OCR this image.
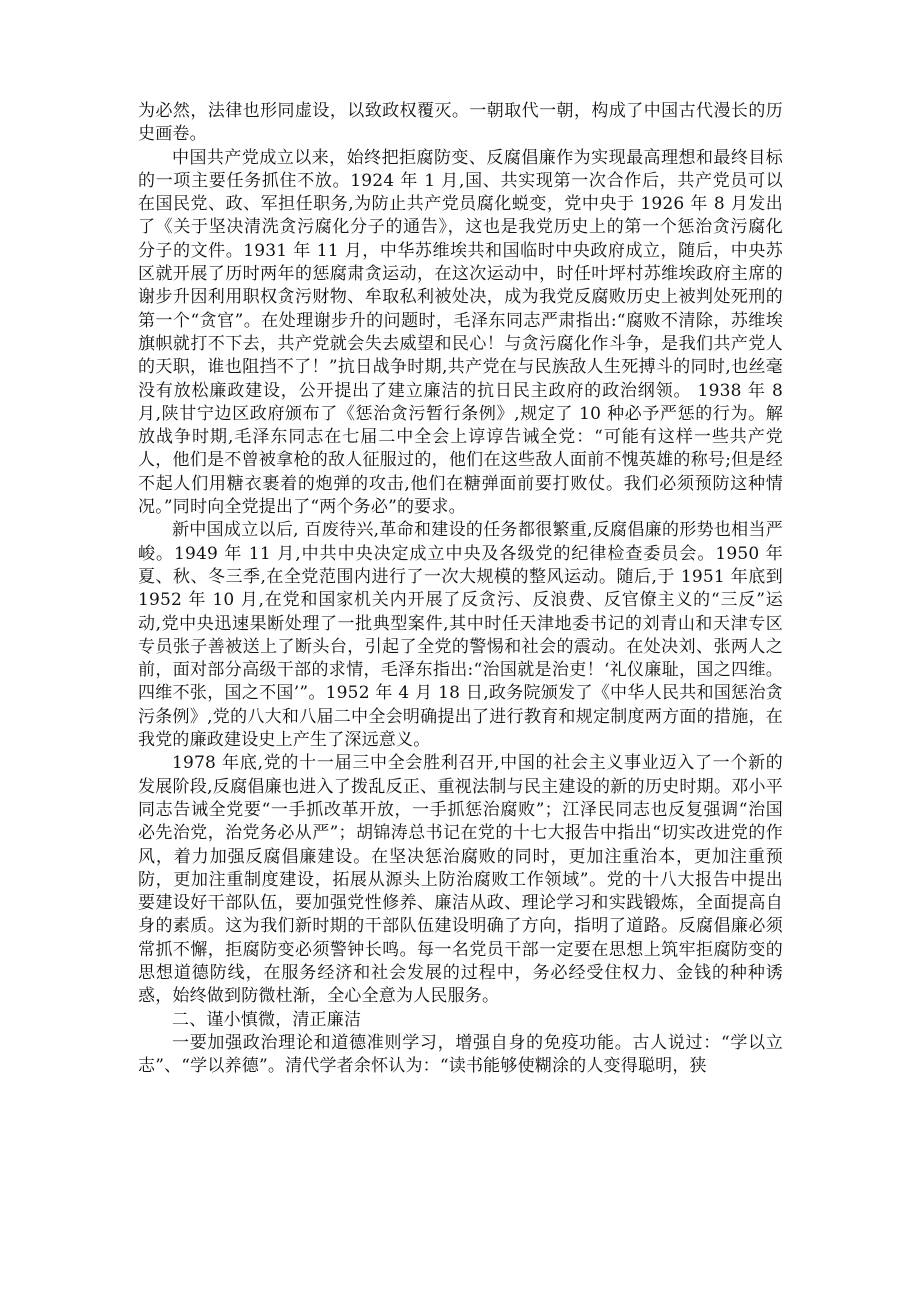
为必然，法律也形同虚设，以致政权覆灭。一朝取代一朝，构成了中国古代漫长的历史画卷。

中国共产党成立以来，始终把拒腐防变、反腐倡廉作为实现最高理想和最终目标的一项主要任务抓住不放。1924 年 1 月,国、共实现第一次合作后，共产党员可以在国民党、政、军担任职务,为防止共产党员腐化蜕变，党中央于 1926 年 8 月发出了《关于坚决清洗贪污腐化分子的通告》，这也是我党历史上的第一个惩治贪污腐化分子的文件。1931 年 11 月，中华苏维埃共和国临时中央政府成立，随后，中央苏区就开展了历时两年的惩腐肃贪运动，在这次运动中，时任叶坪村苏维埃政府主席的谢步升因利用职权贪污财物、牟取私利被处决，成为我党反腐败历史上被判处死刑的第一个“贪官”。在处理谢步升的问题时，毛泽东同志严肃指出:“腐败不清除，苏维埃旗帜就打不下去，共产党就会失去威望和民心！与贪污腐化作斗争，是我们共产党人的天职，谁也阻挡不了！”抗日战争时期,共产党在与民族敌人生死搏斗的同时,也丝毫没有放松廉政建设，公开提出了建立廉洁的抗日民主政府的政治纲领。 1938 年 8 月,陕甘宁边区政府颁布了《惩治贪污暂行条例》,规定了 10 种必予严惩的行为。解放战争时期,毛泽东同志在七届二中全会上谆谆告诫全党：“可能有这样一些共产党人，他们是不曾被拿枪的敌人征服过的，他们在这些敌人面前不愧英雄的称号;但是经不起人们用糖衣裹着的炮弹的攻击,他们在糖弹面前要打败仗。我们必须预防这种情况。”同时向全党提出了“两个务必”的要求。

新中国成立以后, 百废待兴,革命和建设的任务都很繁重,反腐倡廉的形势也相当严峻。1949 年 11 月,中共中央决定成立中央及各级党的纪律检查委员会。1950 年夏、秋、冬三季,在全党范围内进行了一次大规模的整风运动。随后,于 1951 年底到 1952 年 10 月,在党和国家机关内开展了反贪污、反浪费、反官僚主义的“三反”运动,党中央迅速果断处理了一批典型案件,其中时任天津地委书记的刘青山和天津专区专员张子善被送上了断头台，引起了全党的警惕和社会的震动。在处决刘、张两人之前，面对部分高级干部的求情，毛泽东指出:“治国就是治吏！‘礼仪廉耻，国之四维。四维不张，国之不国’”。1952 年 4 月 18 日,政务院颁发了《中华人民共和国惩治贪污条例》,党的八大和八届二中全会明确提出了进行教育和规定制度两方面的措施，在我党的廉政建设史上产生了深远意义。

1978 年底,党的十一届三中全会胜利召开,中国的社会主义事业迈入了一个新的发展阶段,反腐倡廉也进入了拨乱反正、重视法制与民主建设的新的历史时期。邓小平同志告诫全党要“一手抓改革开放，一手抓惩治腐败”；江泽民同志也反复强调“治国必先治党，治党务必从严”；胡锦涛总书记在党的十七大报告中指出“切实改进党的作风，着力加强反腐倡廉建设。在坚决惩治腐败的同时，更加注重治本，更加注重预防，更加注重制度建设，拓展从源头上防治腐败工作领域”。党的十八大报告中提出要建设好干部队伍，要加强党性修养、廉洁从政、理论学习和实践锻炼，全面提高自身的素质。这为我们新时期的干部队伍建设明确了方向，指明了道路。反腐倡廉必须常抓不懈，拒腐防变必须警钟长鸣。每一名党员干部一定要在思想上筑牢拒腐防变的思想道德防线，在服务经济和社会发展的过程中，务必经受住权力、金钱的种种诱惑，始终做到防微杜渐，全心全意为人民服务。

二、谨小慎微，清正廉洁

一要加强政治理论和道德准则学习，增强自身的免疫功能。古人说过：“学以立志”、“学以养德”。清代学者余怀认为：“读书能够使糊涂的人变得聪明，狭
